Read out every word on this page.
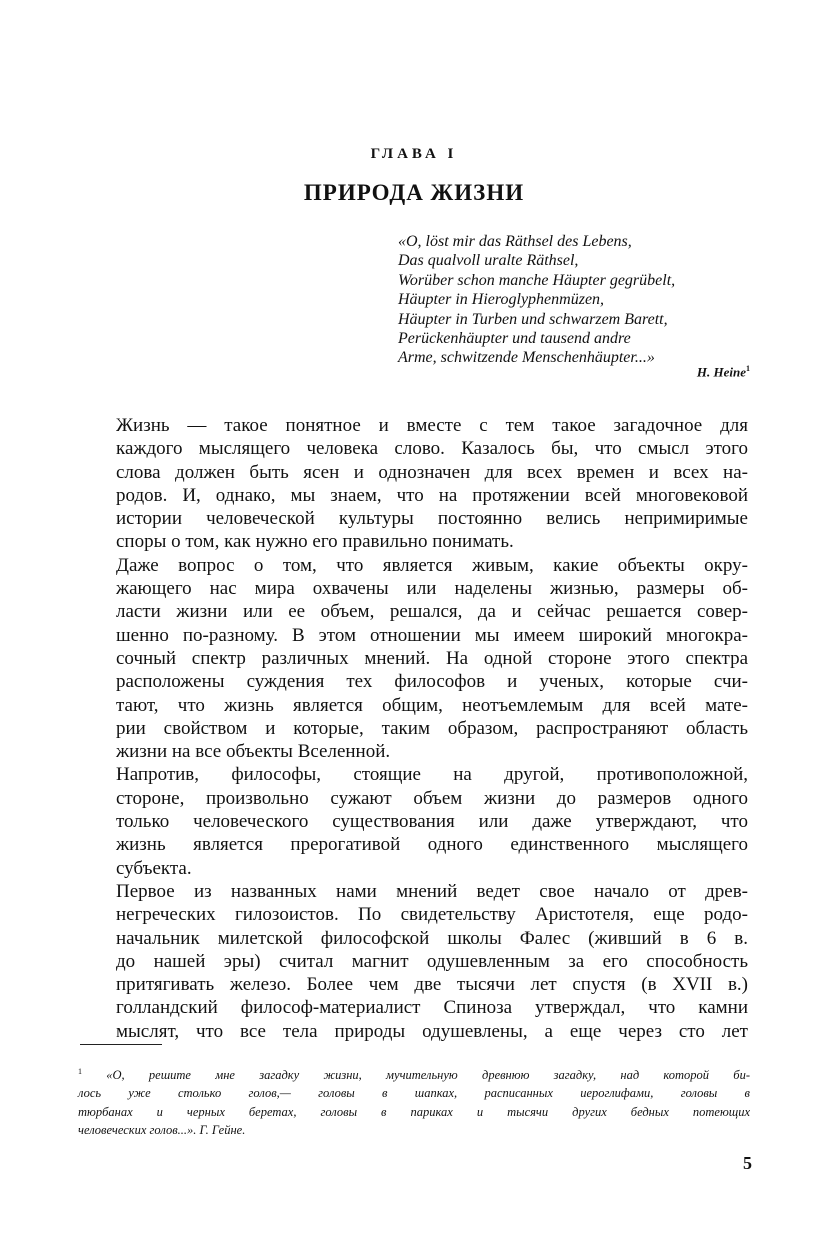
ГЛАВА I
ПРИРОДА ЖИЗНИ
«O, löst mir das Räthsel des Lebens,
Das qualvoll uralte Räthsel,
Worüber schon manche Häupter gegrübelt,
Häupter in Hieroglyphenmüzen,
Häupter in Turben und schwarzem Barett,
Perückenhäupter und tausend andre
Arme, schwitzende Menschenhäupter...»
H. Heine$^1$
Жизнь — такое понятное и вместе с тем такое загадочное для
каждого мыслящего человека слово. Казалось бы, что смысл этого
слова должен быть ясен и однозначен для всех времен и всех на-
родов. И, однако, мы знаем, что на протяжении всей многовековой
истории человеческой культуры постоянно велись непримиримые
споры о том, как нужно его правильно понимать.
Даже вопрос о том, что является живым, какие объекты окру-
жающего нас мира охвачены или наделены жизнью, размеры об-
ласти жизни или ее объем, решался, да и сейчас решается совер-
шенно по-разному. В этом отношении мы имеем широкий многокра-
сочный спектр различных мнений. На одной стороне этого спектра
расположены суждения тех философов и ученых, которые счи-
тают, что жизнь является общим, неотъемлемым для всей мате-
рии свойством и которые, таким образом, распространяют область
жизни на все объекты Вселенной.
Напротив, философы, стоящие на другой, противоположной,
стороне, произвольно сужают объем жизни до размеров одного
только человеческого существования или даже утверждают, что
жизнь является прерогативой одного единственного мыслящего
субъекта.
Первое из названных нами мнений ведет свое начало от древ-
негреческих гилозоистов. По свидетельству Аристотеля, еще родо-
начальник милетской философской школы Фалес (живший в 6 в.
до нашей эры) считал магнит одушевленным за его способность
притягивать железо. Более чем две тысячи лет спустя (в XVII в.)
голландский философ-материалист Спиноза утверждал, что камни
мыслят, что все тела природы одушевлены, а еще через сто лет
$^1$ «О, решите мне загадку жизни, мучительную древнюю загадку, над которой би-
лось уже столько голов,— головы в шапках, расписанных иероглифами, головы в
тюрбанах и черных беретах, головы в париках и тысячи других бедных потеющих
человеческих голов...». Г. Гейне.
5
